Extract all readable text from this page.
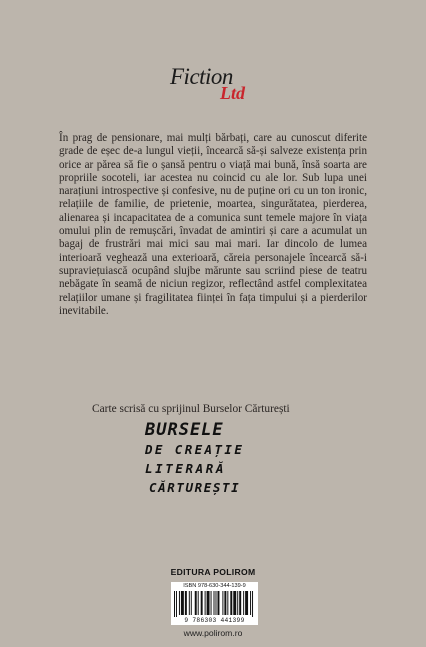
Fiction
Ltd

În prag de pensionare, mai mulți bărbați, care au cunoscut diferite grade de eșec de-a lungul vieții, încearcă să-și salveze existența prin orice ar părea să fie o șansă pentru o viață mai bună, însă soarta are propriile socoteli, iar acestea nu coincid cu ale lor. Sub lupa unei narațiuni introspective și confesive, nu de puține ori cu un ton ironic, relațiile de familie, de prietenie, moartea, singurătatea, pierderea, alienarea și incapacitatea de a comunica sunt temele majore în viața omului plin de remușcări, învadat de amintiri și care a acumulat un bagaj de frustrări mai mici sau mai mari. Iar dincolo de lumea interioară veghează una exterioară, căreia personajele încearcă să-i supraviețuiască ocupând slujbe mărunte sau scriind piese de teatru nebăgate în seamă de niciun regizor, reflectând astfel complexitatea relațiilor umane și fragilitatea ființei în fața timpului și a pierderilor inevitabile.

Carte scrisă cu sprijinul Burselor Cărturești
BURSELE
DE CREAȚIE
LITERARĂ
CĂRTUREȘTI
EDITURA POLIROM
ISBN 978-630-344-139-9
9 786303 441399
www.polirom.ro
